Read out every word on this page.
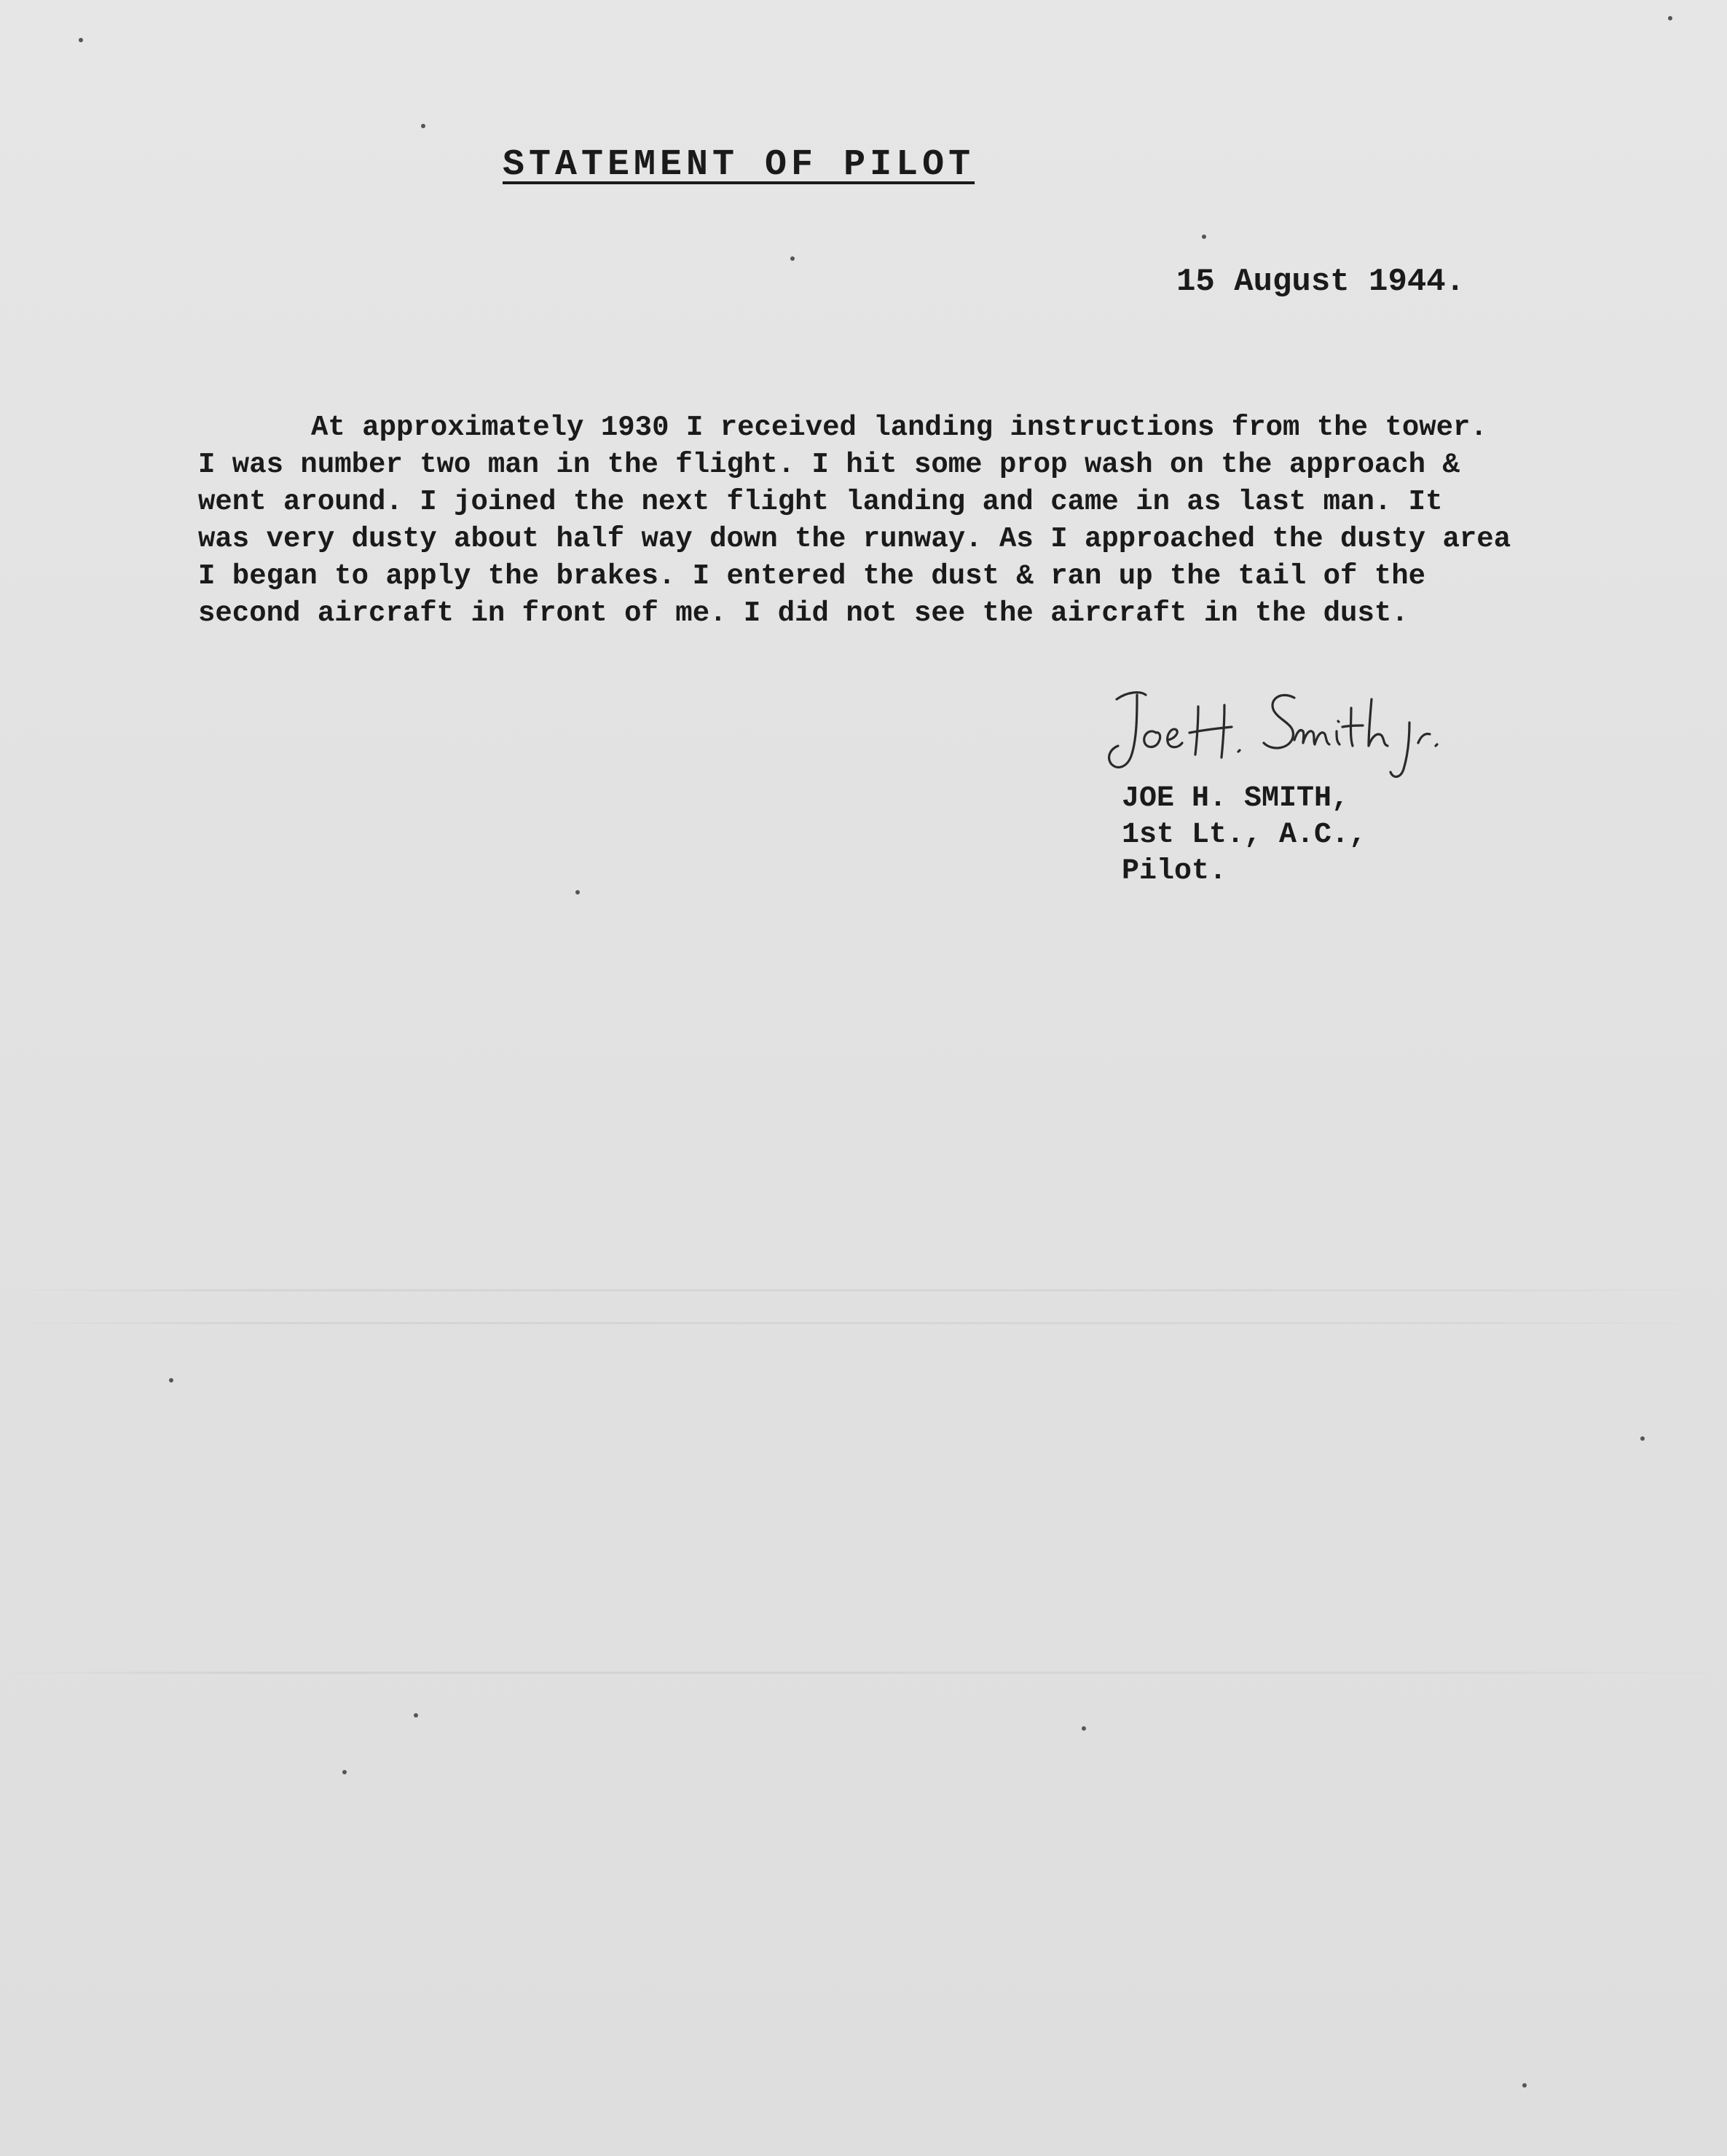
STATEMENT OF PILOT
15 August 1944.
At approximately 1930 I received landing instructions from the tower.
I was number two man in the flight. I hit some prop wash on the approach &
went around. I joined the next flight landing and came in as last man. It
was very dusty about half way down the runway. As I approached the dusty area
I began to apply the brakes. I entered the dust & ran up the tail of the
second aircraft in front of me. I did not see the aircraft in the dust.
JOE H. SMITH,
1st Lt., A.C.,
Pilot.
